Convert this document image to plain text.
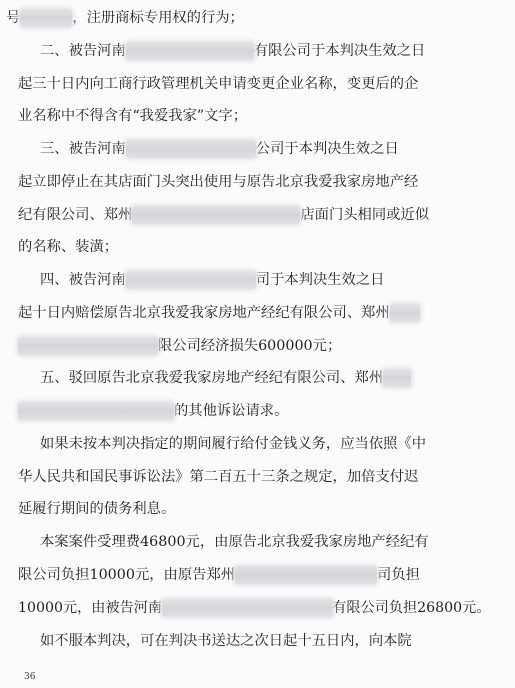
号	，注册商标专用权的行为；
二、被告河南	有限公司于本判决生效之日
起三十日内向工商行政管理机关申请变更企业名称，变更后的企
业名称中不得含有“我爱我家”文字；
三、被告河南	公司于本判决生效之日
起立即停止在其店面门头突出使用与原告北京我爱我家房地产经
纪有限公司、郑州	店面门头相同或近似
的名称、装潢；
四、被告河南	司于本判决生效之日
起十日内赔偿原告北京我爱我家房地产经纪有限公司、郑州
限公司经济损失600000元；
五、驳回原告北京我爱我家房地产经纪有限公司、郑州
的其他诉讼请求。
如果未按本判决指定的期间履行给付金钱义务，应当依照《中
华人民共和国民事诉讼法》第二百五十三条之规定，加倍支付迟
延履行期间的债务利息。
本案案件受理费46800元，由原告北京我爱我家房地产经纪有
限公司负担10000元，由原告郑州	司负担
10000元，由被告河南	有限公司负担26800元。
如不服本判决，可在判决书送达之次日起十五日内，向本院
36
